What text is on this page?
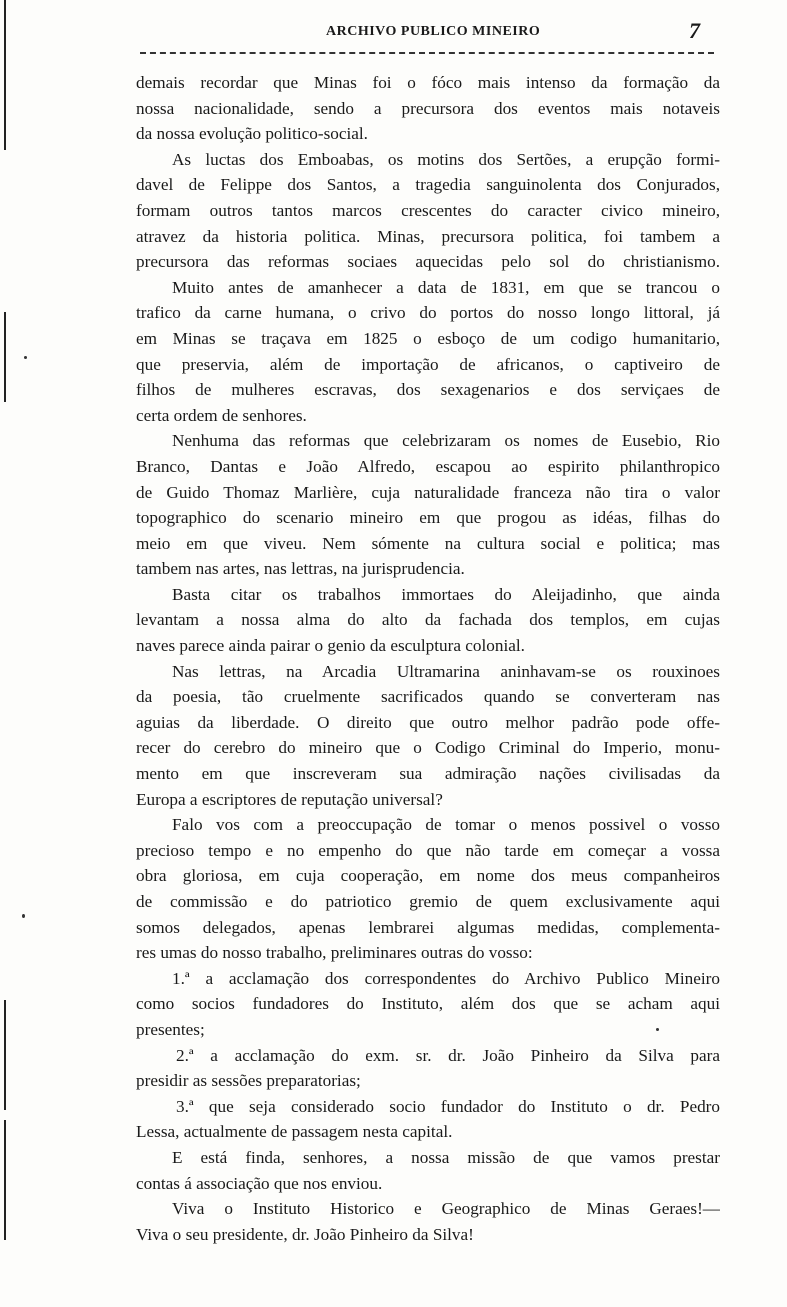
ARCHIVO PUBLICO MINEIRO	7
demais recordar que Minas foi o fóco mais intenso da formação da
nossa nacionalidade, sendo a precursora dos eventos mais notaveis
da nossa evolução politico-social.
As luctas dos Emboabas, os motins dos Sertões, a erupção formi-
davel de Felippe dos Santos, a tragedia sanguinolenta dos Conjurados,
formam outros tantos marcos crescentes do caracter civico mineiro,
atravez da historia politica. Minas, precursora politica, foi tambem a
precursora das reformas sociaes aquecidas pelo sol do christianismo.
Muito antes de amanhecer a data de 1831, em que se trancou o
trafico da carne humana, o crivo do portos do nosso longo littoral, já
em Minas se traçava em 1825 o esboço de um codigo humanitario,
que preservia, além de importação de africanos, o captiveiro de
filhos de mulheres escravas, dos sexagenarios e dos serviçaes de
certa ordem de senhores.
Nenhuma das reformas que celebrizaram os nomes de Eusebio, Rio
Branco, Dantas e João Alfredo, escapou ao espirito philanthropico
de Guido Thomaz Marlière, cuja naturalidade franceza não tira o valor
topographico do scenario mineiro em que progou as idéas, filhas do
meio em que viveu. Nem sómente na cultura social e politica; mas
tambem nas artes, nas lettras, na jurisprudencia.
Basta citar os trabalhos immortaes do Aleijadinho, que ainda
levantam a nossa alma do alto da fachada dos templos, em cujas
naves parece ainda pairar o genio da esculptura colonial.
Nas lettras, na Arcadia Ultramarina aninhavam-se os rouxinoes
da poesia, tão cruelmente sacrificados quando se converteram nas
aguias da liberdade. O direito que outro melhor padrão pode offe-
recer do cerebro do mineiro que o Codigo Criminal do Imperio, monu-
mento em que inscreveram sua admiração nações civilisadas da
Europa a escriptores de reputação universal?
Falo vos com a preoccupação de tomar o menos possivel o vosso
precioso tempo e no empenho do que não tarde em começar a vossa
obra gloriosa, em cuja cooperação, em nome dos meus companheiros
de commissão e do patriotico gremio de quem exclusivamente aqui
somos delegados, apenas lembrarei algumas medidas, complementa-
res umas do nosso trabalho, preliminares outras do vosso:
1.ª a acclamação dos correspondentes do Archivo Publico Mineiro
como socios fundadores do Instituto, além dos que se acham aqui
presentes;
2.ª a acclamação do exm. sr. dr. João Pinheiro da Silva para
presidir as sessões preparatorias;
3.ª que seja considerado socio fundador do Instituto o dr. Pedro
Lessa, actualmente de passagem nesta capital.
E está finda, senhores, a nossa missão de que vamos prestar
contas á associação que nos enviou.
Viva o Instituto Historico e Geographico de Minas Geraes!—
Viva o seu presidente, dr. João Pinheiro da Silva!
